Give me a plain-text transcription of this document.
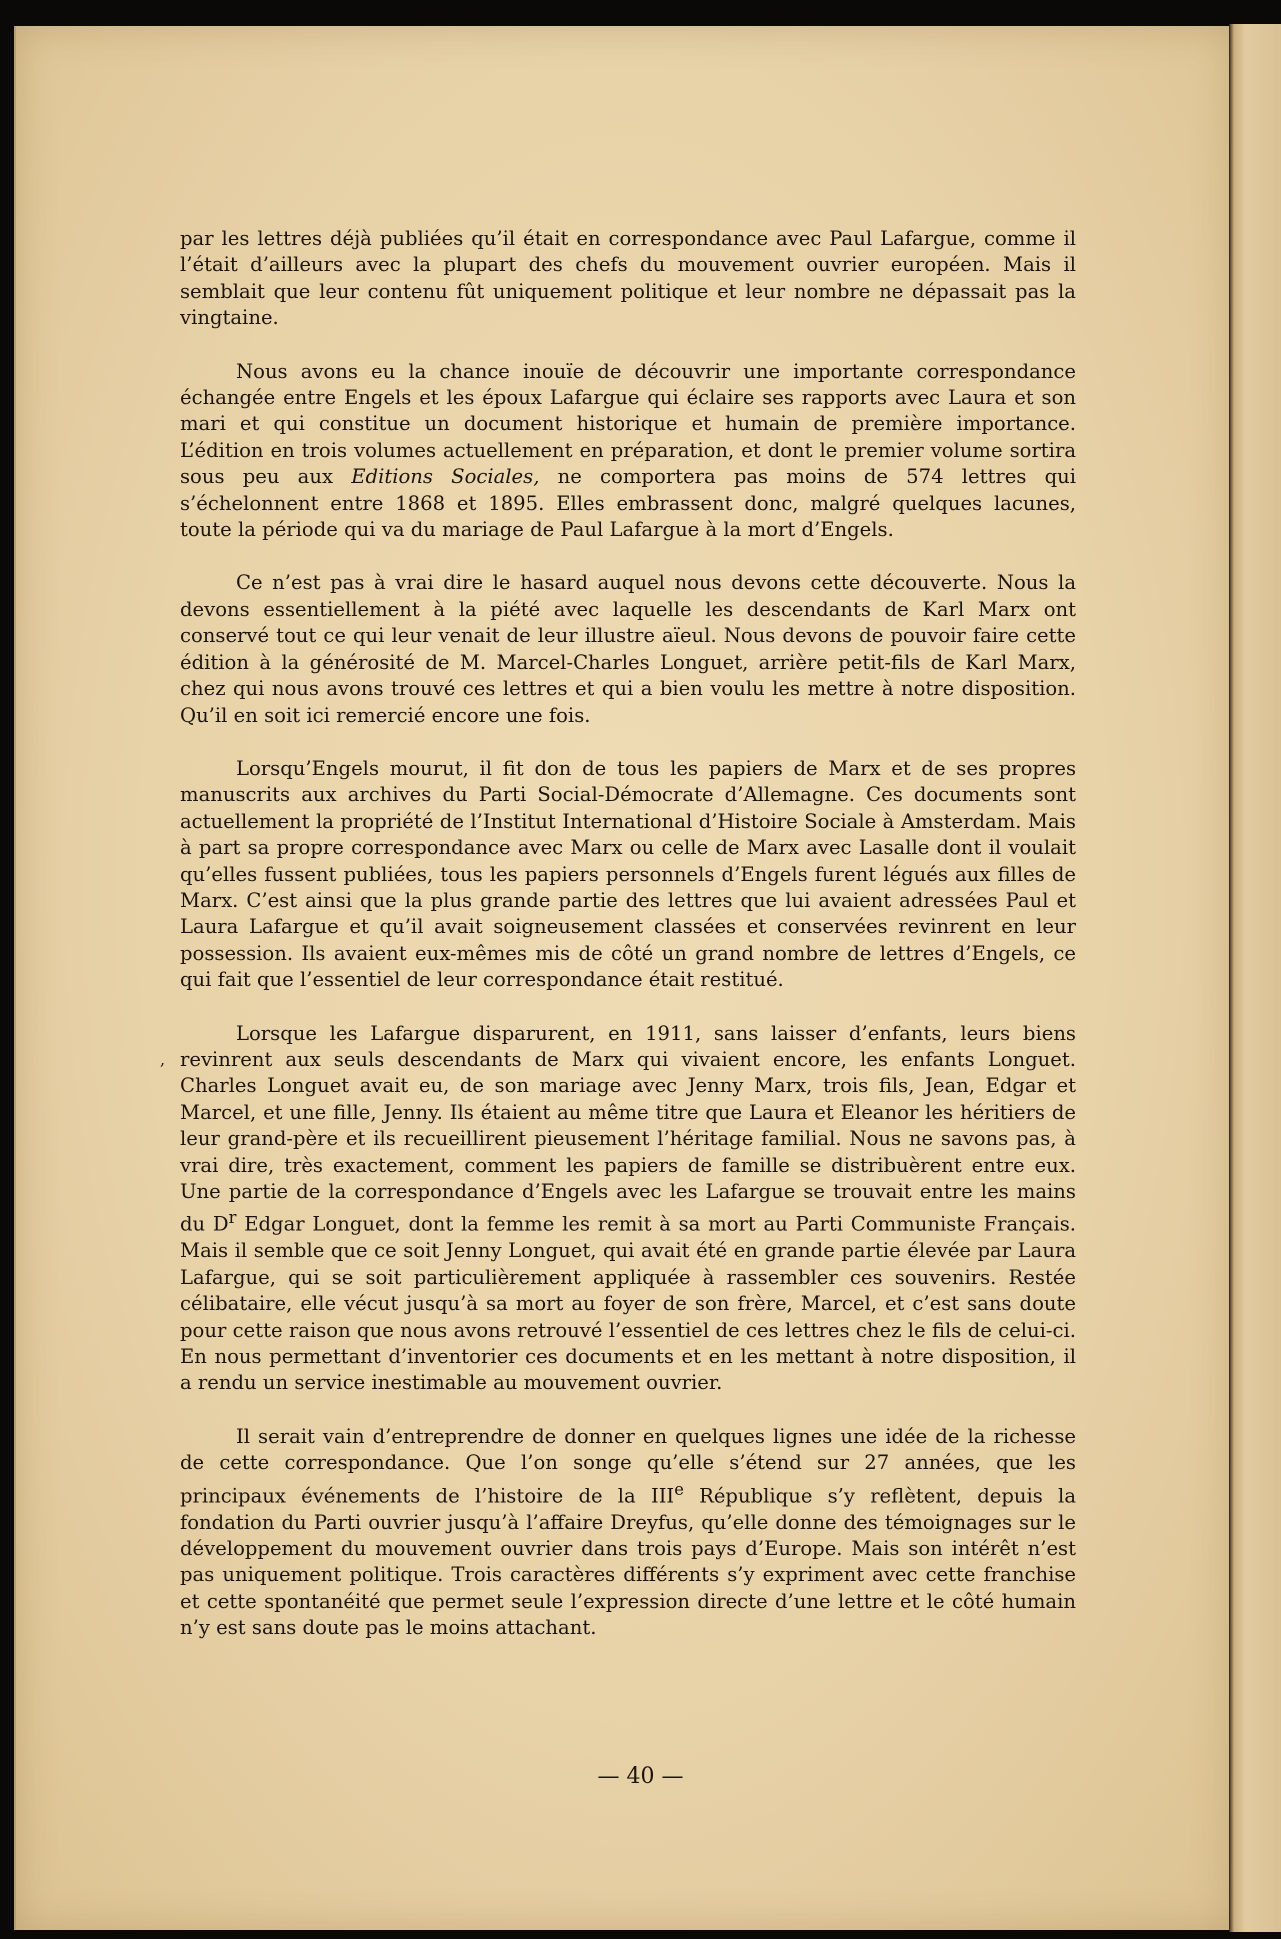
par les lettres déjà publiées qu’il était en correspondance avec Paul Lafargue, comme il l’était d’ailleurs avec la plupart des chefs du mouvement ouvrier européen. Mais il semblait que leur contenu fût uniquement politique et leur nombre ne dépassait pas la vingtaine.

Nous avons eu la chance inouïe de découvrir une importante correspondance échangée entre Engels et les époux Lafargue qui éclaire ses rapports avec Laura et son mari et qui constitue un document historique et humain de première importance. L’édition en trois volumes actuellement en préparation, et dont le premier volume sortira sous peu aux Editions Sociales, ne comportera pas moins de 574 lettres qui s’échelonnent entre 1868 et 1895. Elles embrassent donc, malgré quelques lacunes, toute la période qui va du mariage de Paul Lafargue à la mort d’Engels.

Ce n’est pas à vrai dire le hasard auquel nous devons cette découverte. Nous la devons essentiellement à la piété avec laquelle les descendants de Karl Marx ont conservé tout ce qui leur venait de leur illustre aïeul. Nous devons de pouvoir faire cette édition à la générosité de M. Marcel-Charles Longuet, arrière petit-fils de Karl Marx, chez qui nous avons trouvé ces lettres et qui a bien voulu les mettre à notre disposition. Qu’il en soit ici remercié encore une fois.

Lorsqu’Engels mourut, il fit don de tous les papiers de Marx et de ses propres manuscrits aux archives du Parti Social-Démocrate d’Allemagne. Ces documents sont actuellement la propriété de l’Institut International d’Histoire Sociale à Amsterdam. Mais à part sa propre correspondance avec Marx ou celle de Marx avec Lasalle dont il voulait qu’elles fussent publiées, tous les papiers personnels d’Engels furent légués aux filles de Marx. C’est ainsi que la plus grande partie des lettres que lui avaient adressées Paul et Laura Lafargue et qu’il avait soigneusement classées et conservées revinrent en leur possession. Ils avaient eux-mêmes mis de côté un grand nombre de lettres d’Engels, ce qui fait que l’essentiel de leur correspondance était restitué.

Lorsque les Lafargue disparurent, en 1911, sans laisser d’enfants, leurs biens revinrent aux seuls descendants de Marx qui vivaient encore, les enfants Longuet. Charles Longuet avait eu, de son mariage avec Jenny Marx, trois fils, Jean, Edgar et Marcel, et une fille, Jenny. Ils étaient au même titre que Laura et Eleanor les héritiers de leur grand-père et ils recueillirent pieusement l’héritage familial. Nous ne savons pas, à vrai dire, très exactement, comment les papiers de famille se distribuèrent entre eux. Une partie de la correspondance d’Engels avec les Lafargue se trouvait entre les mains du $D^r$ Edgar Longuet, dont la femme les remit à sa mort au Parti Communiste Français. Mais il semble que ce soit Jenny Longuet, qui avait été en grande partie élevée par Laura Lafargue, qui se soit particulièrement appliquée à rassembler ces souvenirs. Restée célibataire, elle vécut jusqu’à sa mort au foyer de son frère, Marcel, et c’est sans doute pour cette raison que nous avons retrouvé l’essentiel de ces lettres chez le fils de celui-ci. En nous permettant d’inventorier ces documents et en les mettant à notre disposition, il a rendu un service inestimable au mouvement ouvrier.

Il serait vain d’entreprendre de donner en quelques lignes une idée de la richesse de cette correspondance. Que l’on songe qu’elle s’étend sur 27 années, que les principaux événements de l’histoire de la IIIe République s’y reflètent, depuis la fondation du Parti ouvrier jusqu’à l’affaire Dreyfus, qu’elle donne des témoignages sur le développement du mouvement ouvrier dans trois pays d’Europe. Mais son intérêt n’est pas uniquement politique. Trois caractères différents s’y expriment avec cette franchise et cette spontanéité que permet seule l’expression directe d’une lettre et le côté humain n’y est sans doute pas le moins attachant.

,
— 40 —
